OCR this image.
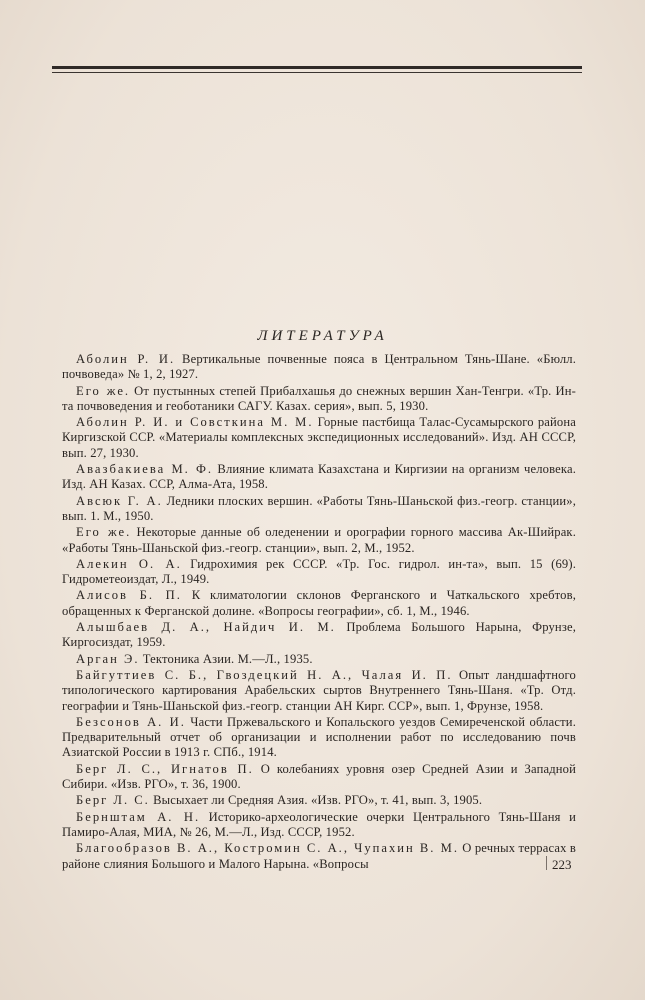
ЛИТЕРАТУРА

Аболин Р. И. Вертикальные почвенные пояса в Центральном Тянь-Шане. «Бюлл. почвоведа» № 1, 2, 1927.

Его же. От пустынных степей Прибалхашья до снежных вершин Хан-Тенгри. «Тр. Ин-та почвоведения и геоботаники САГУ. Казах. серия», вып. 5, 1930.

Аболин Р. И. и Совсткина М. М. Горные пастбища Талас-Сусамырского района Киргизской ССР. «Материалы комплексных экспедиционных исследований». Изд. АН СССР, вып. 27, 1930.

Авазбакиева М. Ф. Влияние климата Казахстана и Киргизии на организм человека. Изд. АН Казах. ССР, Алма-Ата, 1958.

Авсюк Г. А. Ледники плоских вершин. «Работы Тянь-Шаньской физ.-геогр. станции», вып. 1. М., 1950.

Его же. Некоторые данные об оледенении и орографии горного массива Ак-Шийрак. «Работы Тянь-Шаньской физ.-геогр. станции», вып. 2, М., 1952.

Алекин О. А. Гидрохимия рек СССР. «Тр. Гос. гидрол. ин-та», вып. 15 (69). Гидрометеоиздат, Л., 1949.

Алисов Б. П. К климатологии склонов Ферганского и Чаткальского хребтов, обращенных к Ферганской долине. «Вопросы географии», сб. 1, М., 1946.

Алышбаев Д. А., Найдич И. М. Проблема Большого Нарына, Фрунзе, Киргосиздат, 1959.

Арган Э. Тектоника Азии. М.—Л., 1935.

Байгуттиев С. Б., Гвоздецкий Н. А., Чалая И. П. Опыт ландшафтного типологического картирования Арабельских сыртов Внутреннего Тянь-Шаня. «Тр. Отд. географии и Тянь-Шаньской физ.-геогр. станции АН Кирг. ССР», вып. 1, Фрунзе, 1958.

Безсонов А. И. Части Пржевальского и Копальского уездов Семиреченской области. Предварительный отчет об организации и исполнении работ по исследованию почв Азиатской России в 1913 г. СПб., 1914.

Берг Л. С., Игнатов П. О колебаниях уровня озер Средней Азии и Западной Сибири. «Изв. РГО», т. 36, 1900.

Берг Л. С. Высыхает ли Средняя Азия. «Изв. РГО», т. 41, вып. 3, 1905.

Бернштам А. Н. Историко-археологические очерки Центрального Тянь-Шаня и Памиро-Алая, МИА, № 26, М.—Л., Изд. СССР, 1952.

Благообразов В. А., Костромин С. А., Чупахин В. М. О речных террасах в районе слияния Большого и Малого Нарына. «Вопросы	223
